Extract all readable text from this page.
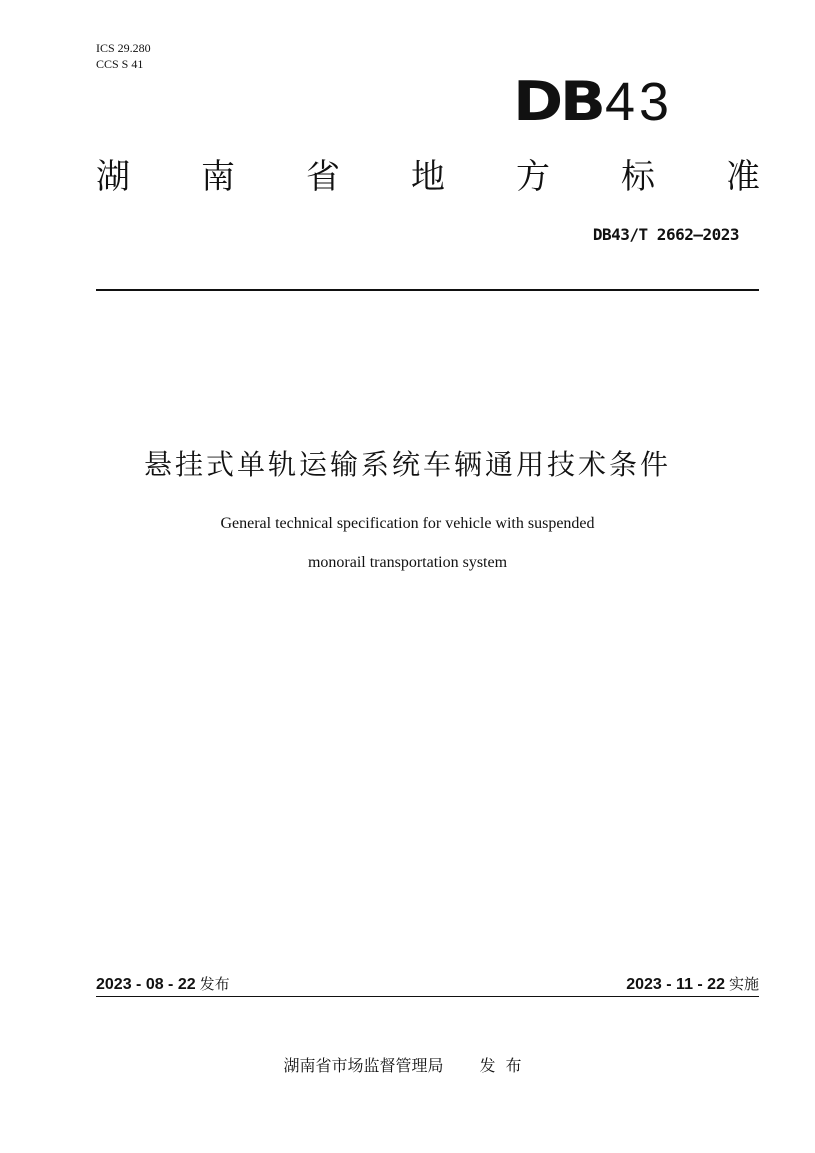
ICS 29.280
CCS S 41
DB 43
湖 南 省 地 方 标 准
DB43/T 2662—2023
悬挂式单轨运输系统车辆通用技术条件
General technical specification for vehicle with suspended
monorail transportation system
2023 - 08 - 22 发布	2023 - 11 - 22 实施
湖南省市场监督管理局 发布
